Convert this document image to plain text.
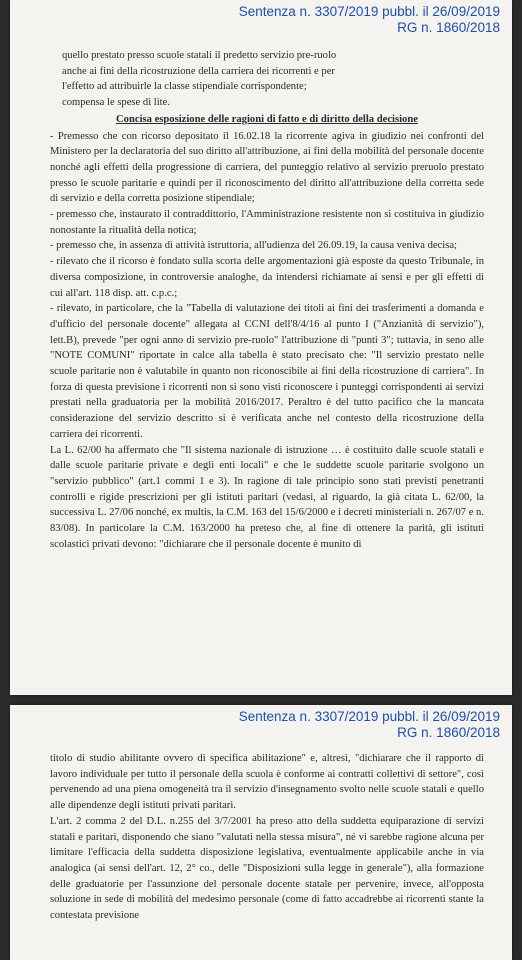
Sentenza n. 3307/2019 pubbl. il 26/09/2019
RG n. 1860/2018

quello prestato presso scuole statali il predetto servizio pre-ruolo

anche ai fini della ricostruzione della carriera dei ricorrenti e per

l'effetto ad attribuirle la classe stipendiale corrispondente;

compensa le spese di lite.

Concisa esposizione delle ragioni di fatto e di diritto della decisione

- Premesso che con ricorso depositato il 16.02.18 la ricorrente agiva in giudizio nei confronti del Ministero per la declaratoria del suo diritto all'attribuzione, ai fini della mobilità del personale docente nonché agli effetti della progressione di carriera, del punteggio relativo al servizio preruolo prestato presso le scuole paritarie e quindi per il riconoscimento del diritto all'attribuzione della corretta sede di servizio e della corretta posizione stipendiale;

- premesso che, instaurato il contraddittorio, l'Amministrazione resistente non si costituiva in giudizio nonostante la ritualità della notica;

- premesso che, in assenza di attività istruttoria, all'udienza del 26.09.19, la causa veniva decisa;

- rilevato che il ricorso è fondato sulla scorta delle argomentazioni già esposte da questo Tribunale, in diversa composizione, in controversie analoghe, da intendersi richiamate ai sensi e per gli effetti di cui all'art. 118 disp. att. c.p.c.;

- rilevato, in particolare, che la "Tabella di valutazione dei titoli ai fini dei trasferimenti a domanda e d'ufficio del personale docente" allegata al CCNI dell'8/4/16 al punto I ("Anzianità di servizio"), lett.B), prevede "per ogni anno di servizio pre-ruolo" l'attribuzione di "punti 3"; tuttavia, in seno alle "NOTE COMUNI" riportate in calce alla tabella è stato precisato che: "Il servizio prestato nelle scuole paritarie non è valutabile in quanto non riconoscibile ai fini della ricostruzione di carriera". In forza di questa previsione i ricorrenti non si sono visti riconoscere i punteggi corrispondenti ai servizi prestati nella graduatoria per la mobilità 2016/2017. Peraltro è del tutto pacifico che la mancata considerazione del servizio descritto si è verificata anche nel contesto della ricostruzione della carriera dei ricorrenti.

La L. 62/00 ha affermato che "Il sistema nazionale di istruzione … è costituito dalle scuole statali e dalle scuole paritarie private e degli enti locali" e che le suddette scuole paritarie svolgono un "servizio pubblico" (art.1 commi 1 e 3). In ragione di tale principio sono stati previsti penetranti controlli e rigide prescrizioni per gli istituti paritari (vedasi, al riguardo, la già citata L. 62/00, la successiva L. 27/06 nonché, ex multis, la C.M. 163 del 15/6/2000 e i decreti ministeriali n. 267/07 e n. 83/08). In particolare la C.M. 163/2000 ha preteso che, al fine di ottenere la parità, gli istituti scolastici privati devono: "dichiarare che il personale docente è munito di

Sentenza n. 3307/2019 pubbl. il 26/09/2019
RG n. 1860/2018

titolo di studio abilitante ovvero di specifica abilitazione" e, altresì, "dichiarare che il rapporto di lavoro individuale per tutto il personale della scuola è conforme ai contratti collettivi di settore", così pervenendo ad una piena omogeneità tra il servizio d'insegnamento svolto nelle scuole statali e quello alle dipendenze degli istituti privati paritari.

L'art. 2 comma 2 del D.L. n.255 del 3/7/2001 ha preso atto della suddetta equiparazione di servizi statali e paritari, disponendo che siano "valutati nella stessa misura", né vi sarebbe ragione alcuna per limitare l'efficacia della suddetta disposizione legislativa, eventualmente applicabile anche in via analogica (ai sensi dell'art. 12, 2° co., delle "Disposizioni sulla legge in generale"), alla formazione delle graduatorie per l'assunzione del personale docente statale per pervenire, invece, all'opposta soluzione in sede di mobilità del medesimo personale (come di fatto accadrebbe ai ricorrenti stante la contestata previsione
